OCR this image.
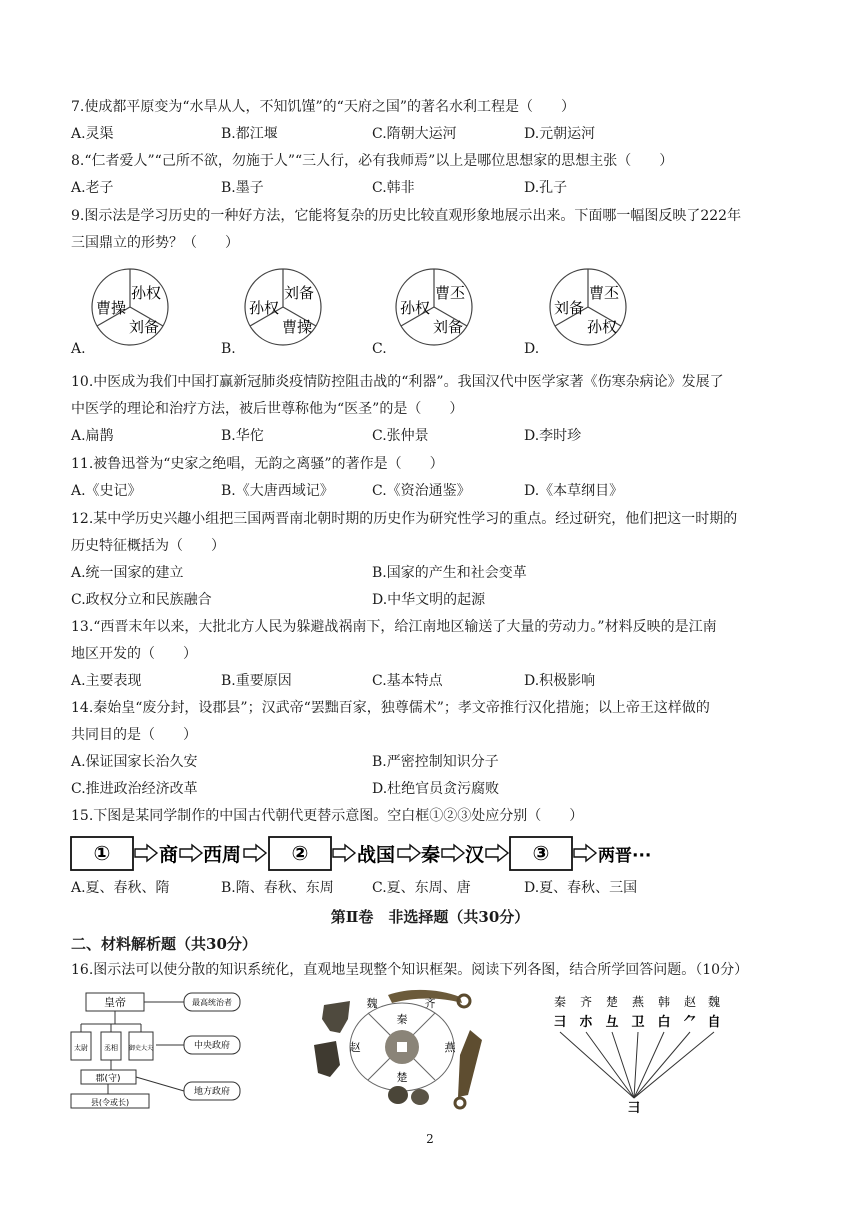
7.使成都平原变为“水旱从人，不知饥馑”的“天府之国”的著名水利工程是（　　）
A.灵渠	B.都江堰	C.隋朝大运河	D.元朝运河
8.“仁者爱人”“己所不欲，勿施于人”“三人行，必有我师焉”以上是哪位思想家的思想主张（　　）
A.老子	B.墨子	C.韩非	D.孔子
9.图示法是学习历史的一种好方法，它能将复杂的历史比较直观形象地展示出来。下面哪一幅图反映了222年
三国鼎立的形势？（　　）
曹操
孙权
刘备
孙权
刘备
曹操
孙权
曹丕
刘备
刘备
曹丕
孙权
A.	B.	C.	D.
10.中医成为我们中国打赢新冠肺炎疫情防控阻击战的“利器”。我国汉代中医学家著《伤寒杂病论》发展了
中医学的理论和治疗方法，被后世尊称他为“医圣”的是（　　）
A.扁鹊	B.华佗	C.张仲景	D.李时珍
11.被鲁迅誉为“史家之绝唱，无韵之离骚”的著作是（　　）
A.《史记》	B.《大唐西域记》	C.《资治通鉴》	D.《本草纲目》
12.某中学历史兴趣小组把三国两晋南北朝时期的历史作为研究性学习的重点。经过研究，他们把这一时期的
历史特征概括为（　　）
A.统一国家的建立	B.国家的产生和社会变革
C.政权分立和民族融合	D.中华文明的起源
13.“西晋末年以来，大批北方人民为躲避战祸南下，给江南地区输送了大量的劳动力。”材料反映的是江南
地区开发的（　　）
A.主要表现	B.重要原因	C.基本特点	D.积极影响
14.秦始皇“废分封，设郡县”；汉武帝“罢黜百家，独尊儒术”；孝文帝推行汉化措施；以上帝王这样做的
共同目的是（　　）
A.保证国家长治久安	B.严密控制知识分子
C.推进政治经济改革	D.杜绝官员贪污腐败
15.下图是某同学制作的中国古代朝代更替示意图。空白框①②③处应分别（　　）
①	商 西周	②	战国 秦 汉 ③	两晋···
A.夏、春秋、隋	B.隋、春秋、东周	C.夏、东周、唐	D.夏、春秋、三国
第Ⅱ卷　非选择题（共30分）
二、材料解析题（共30分）
16.图示法可以使分散的知识系统化，直观地呈现整个知识框架。阅读下列各图，结合所学回答问题。（10分）
皇帝	最高统治者
太尉 丞相 御史大夫	中央政府
郡(守)
地方政府
县(令或长)
魏	齐
秦
赵	燕
楚
秦 齐 楚 燕 韩 赵 魏
⺕ 朩 彑 卫 白 ⺈ 自
⺕
2
